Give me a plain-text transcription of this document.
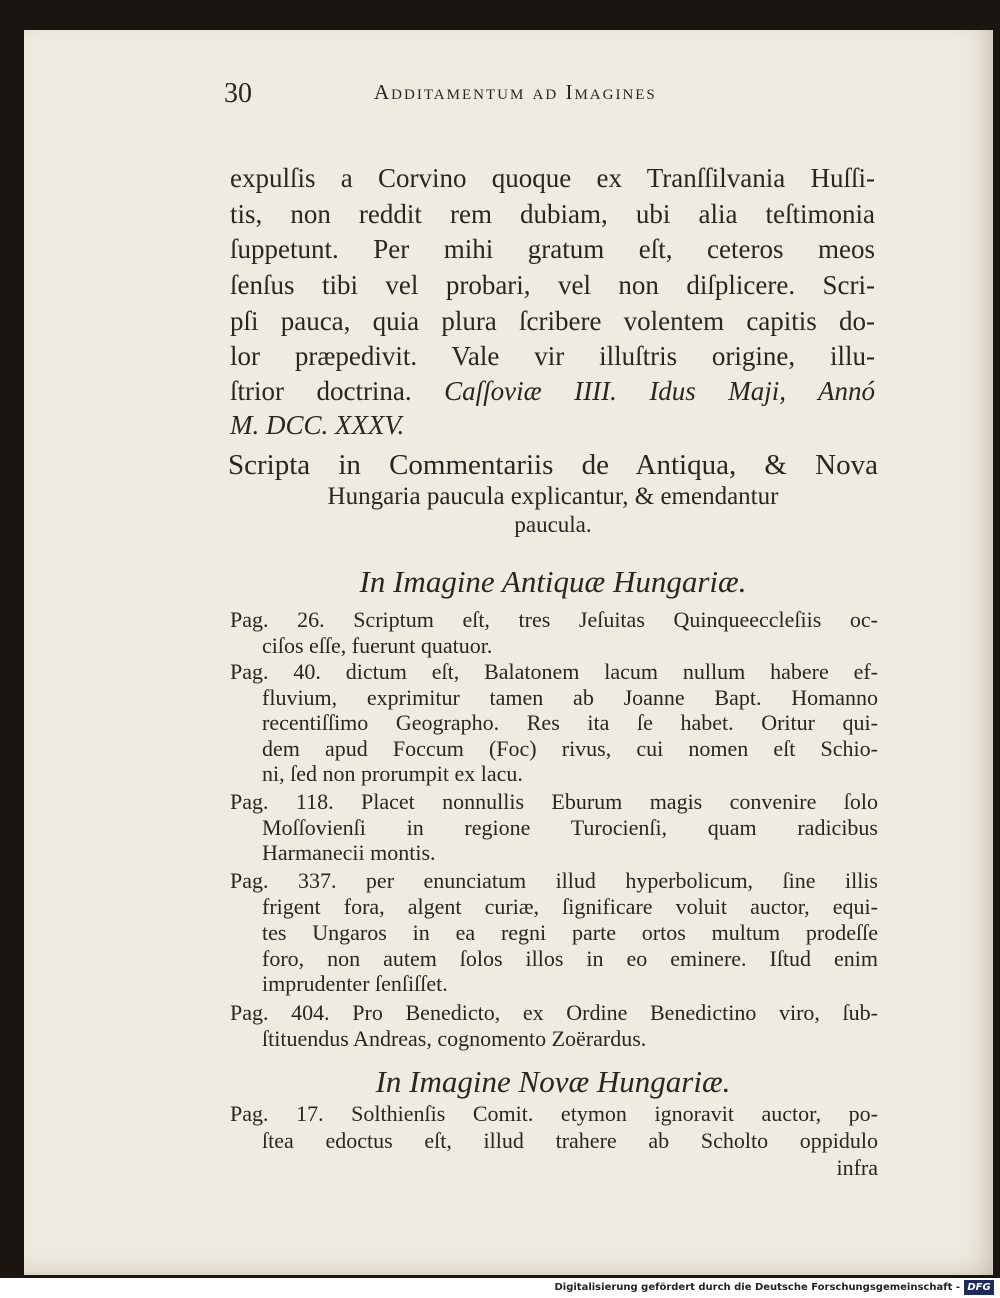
30	Additamentum ad Imagines
expulſis a Corvino quoque ex Tranſſilvania Huſſi-
tis, non reddit rem dubiam, ubi alia teſtimonia
ſuppetunt. Per mihi gratum eſt, ceteros meos
ſenſus tibi vel probari, vel non diſplicere. Scri-
pſi pauca, quia plura ſcribere volentem capitis do-
lor præpedivit. Vale vir illuſtris origine, illu-
ſtrior doctrina. Caſſoviæ IIII. Idus Maji, Annó
M. DCC. XXXV.
Scripta in Commentariis de Antiqua, & Nova
Hungaria paucula explicantur, & emendantur
paucula.
In Imagine Antiquæ Hungariæ.
Pag. 26. Scriptum eſt, tres Jeſuitas Quinqueeccleſiis oc-
ciſos eſſe, fuerunt quatuor.
Pag. 40. dictum eſt, Balatonem lacum nullum habere ef-
fluvium, exprimitur tamen ab Joanne Bapt. Homanno
recentiſſimo Geographo. Res ita ſe habet. Oritur qui-
dem apud Foccum (Foc) rivus, cui nomen eſt Schio-
ni, ſed non prorumpit ex lacu.
Pag. 118. Placet nonnullis Eburum magis convenire ſolo
Moſſovienſi in regione Turocienſi, quam radicibus
Harmanecii montis.
Pag. 337. per enunciatum illud hyperbolicum, ſine illis
frigent fora, algent curiæ, ſignificare voluit auctor, equi-
tes Ungaros in ea regni parte ortos multum prodeſſe
foro, non autem ſolos illos in eo eminere. Iſtud enim
imprudenter ſenſiſſet.
Pag. 404. Pro Benedicto, ex Ordine Benedictino viro, ſub-
ſtituendus Andreas, cognomento Zoërardus.
In Imagine Novæ Hungariæ.
Pag. 17. Solthienſis Comit. etymon ignoravit auctor, po-
ſtea edoctus eſt, illud trahere ab Scholto oppidulo
infra
Digitalisierung gefördert durch die Deutsche Forschungsgemeinschaft - DFG
